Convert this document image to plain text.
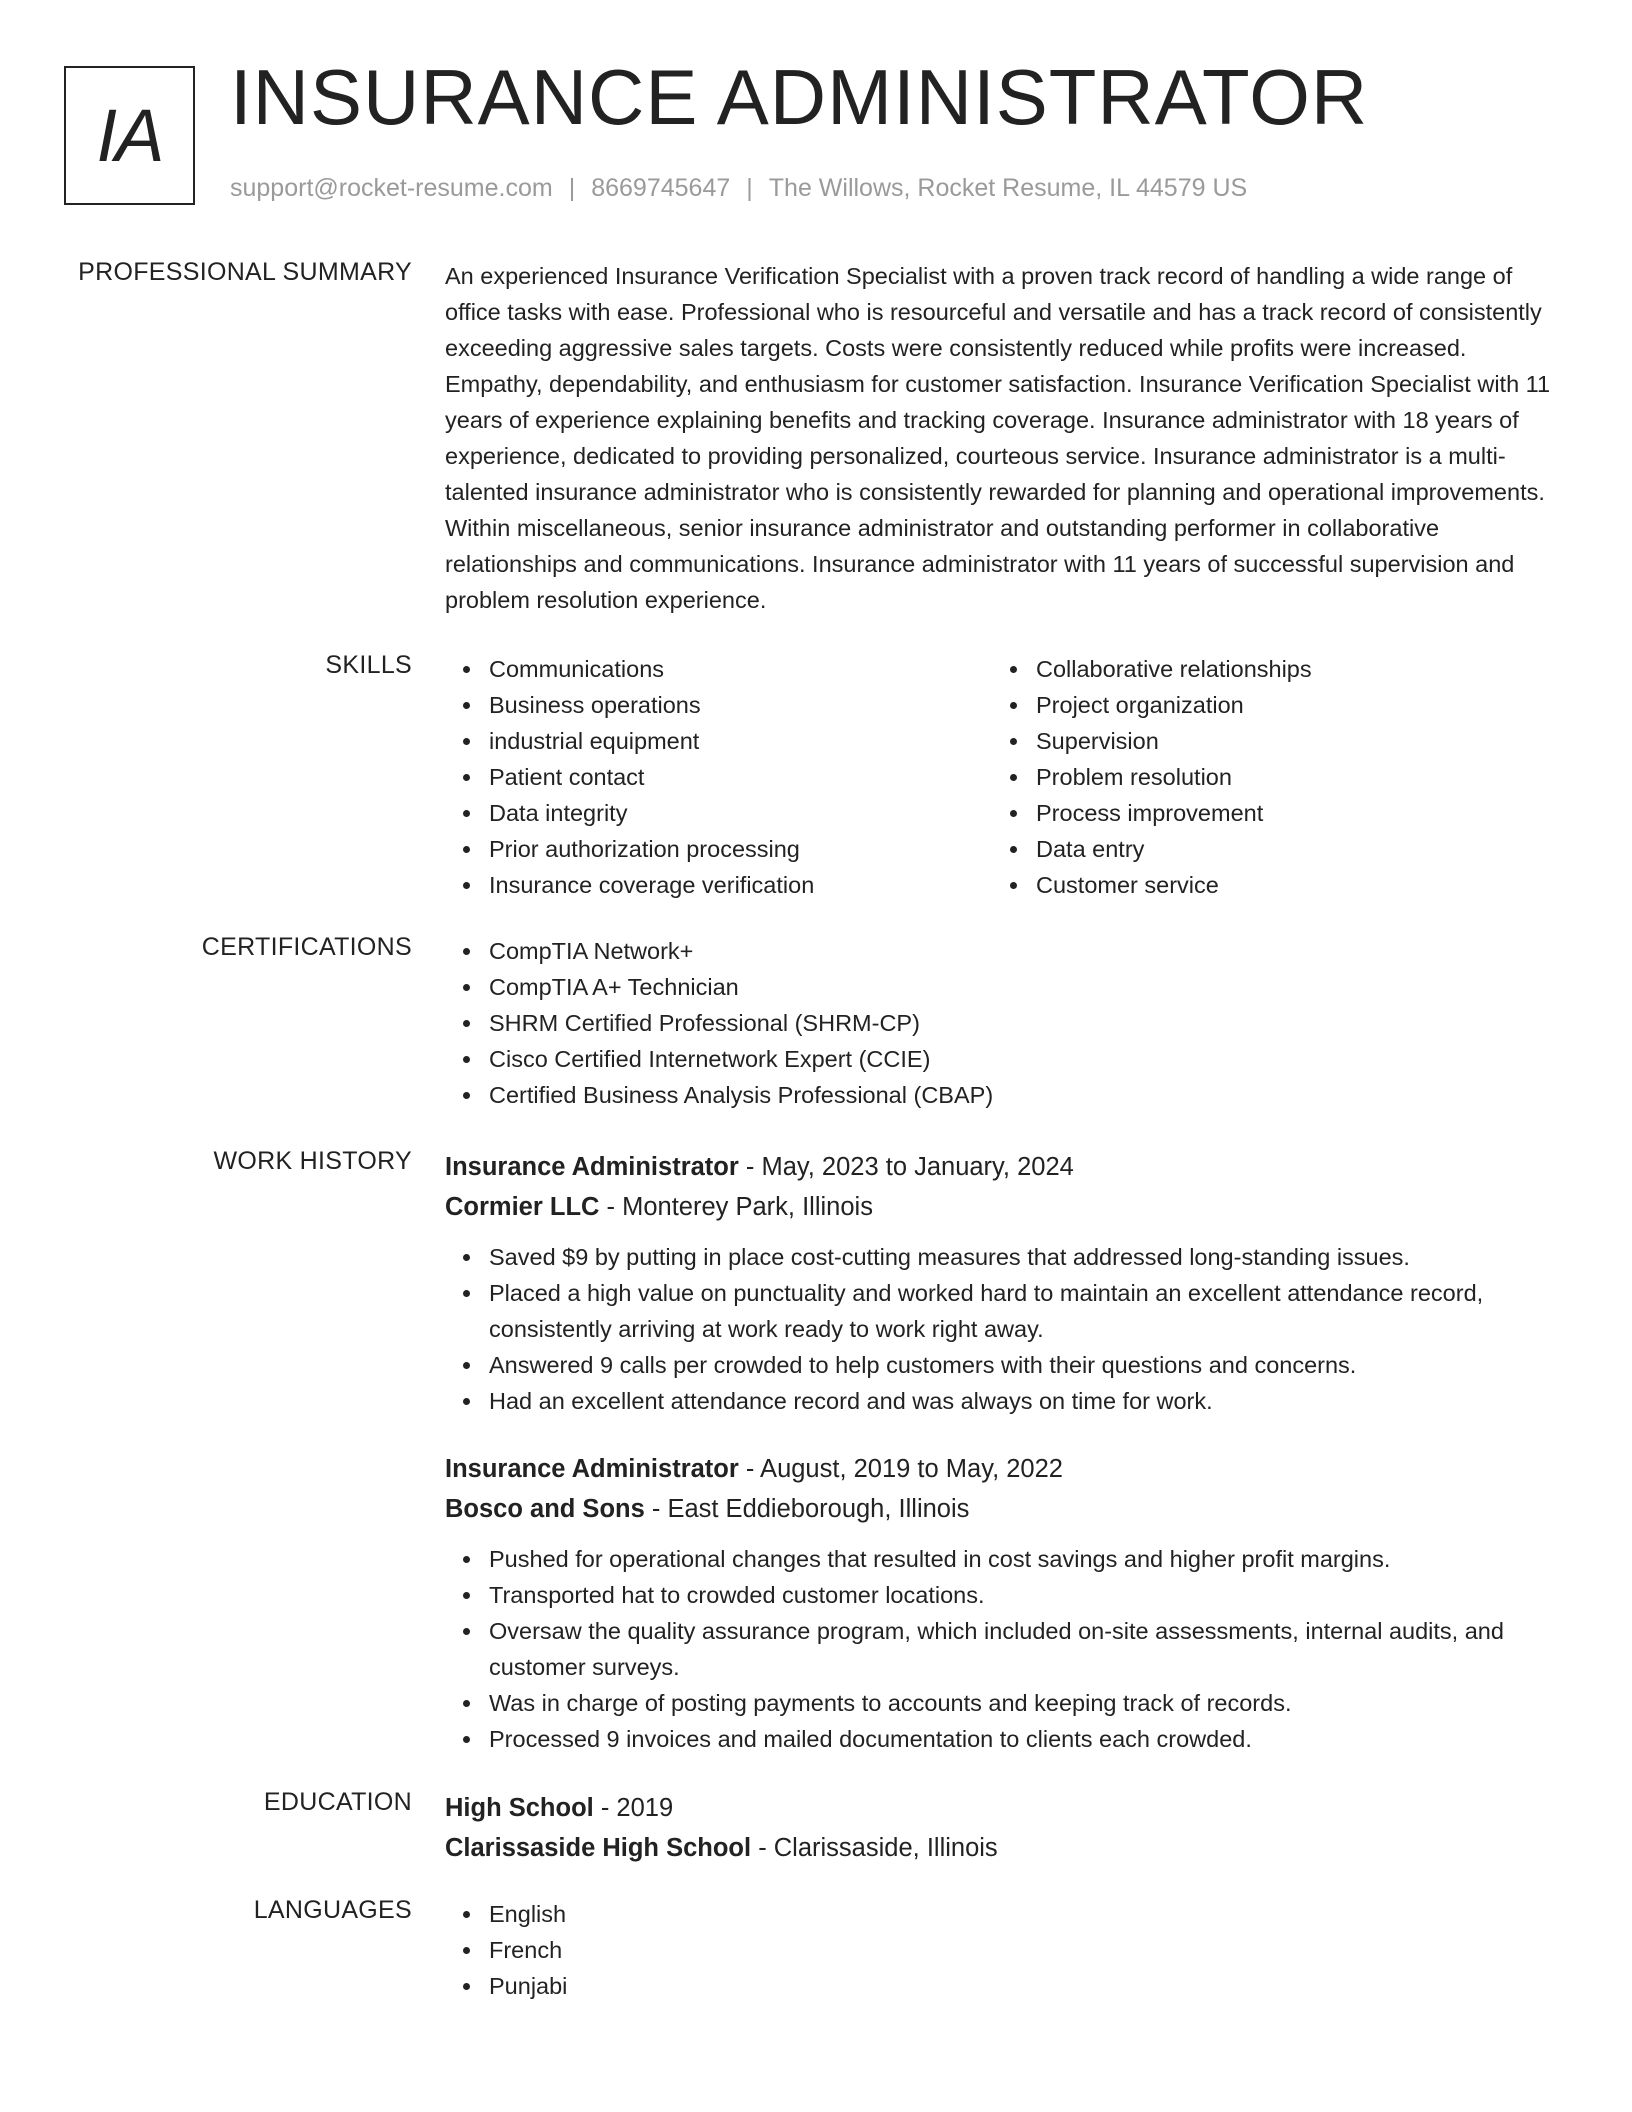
IA INSURANCE ADMINISTRATOR
support@rocket-resume.com | 8669745647 | The Willows, Rocket Resume, IL 44579 US
PROFESSIONAL SUMMARY An experienced Insurance Verification Specialist with a proven track record of handling a wide range of office tasks with ease. Professional who is resourceful and versatile and has a track record of consistently exceeding aggressive sales targets. Costs were consistently reduced while profits were increased. Empathy, dependability, and enthusiasm for customer satisfaction. Insurance Verification Specialist with 11 years of experience explaining benefits and tracking coverage. Insurance administrator with 18 years of experience, dedicated to providing personalized, courteous service. Insurance administrator is a multi-talented insurance administrator who is consistently rewarded for planning and operational improvements. Within miscellaneous, senior insurance administrator and outstanding performer in collaborative relationships and communications. Insurance administrator with 11 years of successful supervision and problem resolution experience.

SKILLS	Communications
Business operations
industrial equipment
Patient contact
Data integrity
Prior authorization processing
Insurance coverage verification
Collaborative relationships
Project organization
Supervision
Problem resolution
Process improvement
Data entry
Customer service
CERTIFICATIONS	CompTIA Network+
CompTIA A+ Technician
SHRM Certified Professional (SHRM-CP)
Cisco Certified Internetwork Expert (CCIE)
Certified Business Analysis Professional (CBAP)
WORK HISTORY Insurance Administrator - May, 2023 to January, 2024
Cormier LLC - Monterey Park, Illinois
Saved $9 by putting in place cost-cutting measures that addressed long-standing issues.
Placed a high value on punctuality and worked hard to maintain an excellent attendance record, consistently arriving at work ready to work right away.
Answered 9 calls per crowded to help customers with their questions and concerns.
Had an excellent attendance record and was always on time for work.
Insurance Administrator - August, 2019 to May, 2022
Bosco and Sons - East Eddieborough, Illinois
Pushed for operational changes that resulted in cost savings and higher profit margins.
Transported hat to crowded customer locations.
Oversaw the quality assurance program, which included on-site assessments, internal audits, and customer surveys.
Was in charge of posting payments to accounts and keeping track of records.
Processed 9 invoices and mailed documentation to clients each crowded.
EDUCATION High School - 2019
Clarissaside High School - Clarissaside, Illinois
LANGUAGES	English
French
Punjabi
